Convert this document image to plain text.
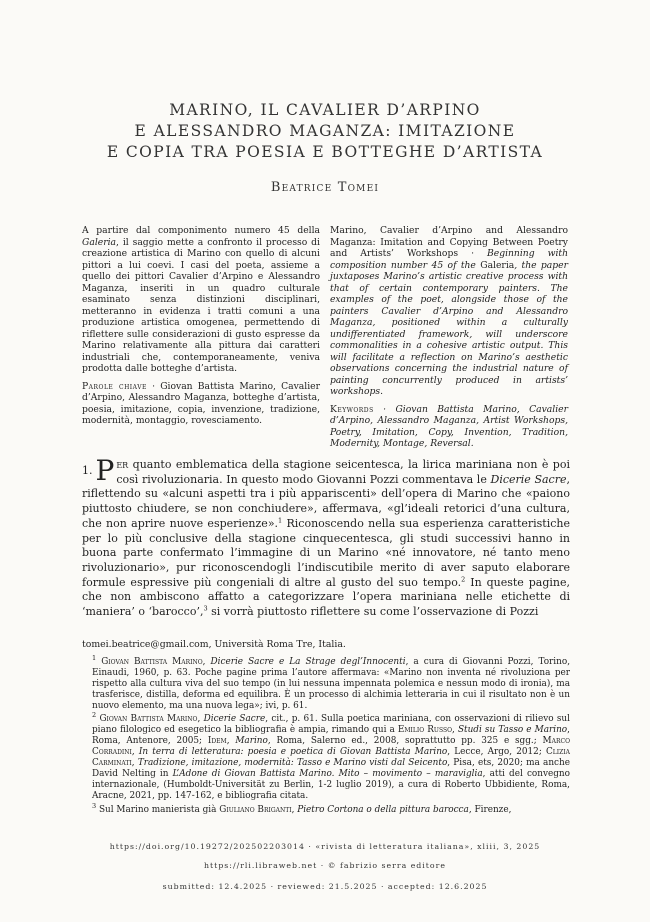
MARINO, IL CAVALIER D’ARPINO
E ALESSANDRO MAGANZA: IMITAZIONE
E COPIA TRA POESIA E BOTTEGHE D’ARTISTA
Beatrice Tomei
A partire dal componimento numero 45 della Galeria, il saggio mette a confronto il processo di creazione artistica di Marino con quello di alcuni pittori a lui coevi. I casi del poeta, assieme a quello dei pittori Cavalier d’Arpino e Alessandro Maganza, inseriti in un quadro culturale esaminato senza distinzioni disciplinari, metteranno in evidenza i tratti comuni a una produzione artistica omogenea, permettendo di riflettere sulle considerazioni di gusto espresse da Marino relativamente alla pittura dai caratteri industriali che, contemporaneamente, veniva prodotta dalle botteghe d’artista.
Parole chiave · Giovan Battista Marino, Cavalier d’Arpino, Alessandro Maganza, botteghe d’artista, poesia, imitazione, copia, invenzione, tradizione, modernità, montaggio, rovesciamento.
Marino, Cavalier d’Arpino and Alessandro Maganza: Imitation and Copying Between Poetry and Artists’ Workshops · Beginning with composition number 45 of the Galeria, the paper juxtaposes Marino’s artistic creative process with that of certain contemporary painters. The examples of the poet, alongside those of the painters Cavalier d’Arpino and Alessandro Maganza, positioned within a culturally undifferentiated framework, will underscore commonalities in a cohesive artistic output. This will facilitate a reflection on Marino’s aesthetic observations concerning the industrial nature of painting concurrently produced in artists’ workshops.
Keywords · Giovan Battista Marino, Cavalier d’Arpino, Alessandro Maganza, Artist Workshops, Poetry, Imitation, Copy, Invention, Tradition, Modernity, Montage, Reversal.

1. P er quanto emblematica della stagione seicentesca, la lirica mariniana non è poi così rivoluzionaria. In questo modo Giovanni Pozzi commentava le Dicerie Sacre, riflettendo su «alcuni aspetti tra i più appariscenti» dell’opera di Marino che «paiono piuttosto chiudere, se non conchiudere», affermava, «gl’ideali retorici d’una cultura, che non aprire nuove esperienze».$^1$ Riconoscendo nella sua esperienza caratteristiche per lo più conclusive della stagione cinquecentesca, gli studi successivi hanno in buona parte confermato l’immagine di un Marino «né innovatore, né tanto meno rivoluzionario», pur riconoscendogli l’indiscutibile merito di aver saputo elaborare formule espressive più congeniali di altre al gusto del suo tempo.$^2$ In queste pagine, che non ambiscono affatto a categorizzare l’opera mariniana nelle etichette di ‘maniera’ o ‘barocco’,$^3$ si vorrà piuttosto riflettere su come l’osservazione di Pozzi

tomei.beatrice@gmail.com, Università Roma Tre, Italia.

$^1$ Giovan Battista Marino, Dicerie Sacre e La Strage degl’Innocenti, a cura di Giovanni Pozzi, Torino, Einaudi, 1960, p. 63. Poche pagine prima l’autore affermava: «Marino non inventa né rivoluziona per rispetto alla cultura viva del suo tempo (in lui nessuna impennata polemica e nessun modo di ironia), ma trasferisce, distilla, deforma ed equilibra. È un processo di alchimia letteraria in cui il risultato non è un nuovo elemento, ma una nuova lega»; ivi, p. 61.

$^2$ Giovan Battista Marino, Dicerie Sacre, cit., p. 61. Sulla poetica mariniana, con osservazioni di rilievo sul piano filologico ed esegetico la bibliografia è ampia, rimando qui a Emilio Russo, Studi su Tasso e Marino, Roma, Antenore, 2005; Idem, Marino, Roma, Salerno ed., 2008, soprattutto pp. 325 e sgg.; Marco Corradini, In terra di letteratura: poesia e poetica di Giovan Battista Marino, Lecce, Argo, 2012; Clizia Carminati, Tradizione, imitazione, modernità: Tasso e Marino visti dal Seicento, Pisa, ets, 2020; ma anche David Nelting in L’Adone di Giovan Battista Marino. Mito – movimento – maraviglia, atti del convegno internazionale, (Humboldt-Universität zu Berlin, 1-2 luglio 2019), a cura di Roberto Ubbidiente, Roma, Aracne, 2021, pp. 147-162, e bibliografia citata.

$^3$ Sul Marino manierista già Giuliano Briganti, Pietro Cortona o della pittura barocca, Firenze,

https://doi.org/10.19272/202502203014 · «rivista di letteratura italiana», xliii, 3, 2025
https://rli.libraweb.net · © fabrizio serra editore
submitted: 12.4.2025 · reviewed: 21.5.2025 · accepted: 12.6.2025
